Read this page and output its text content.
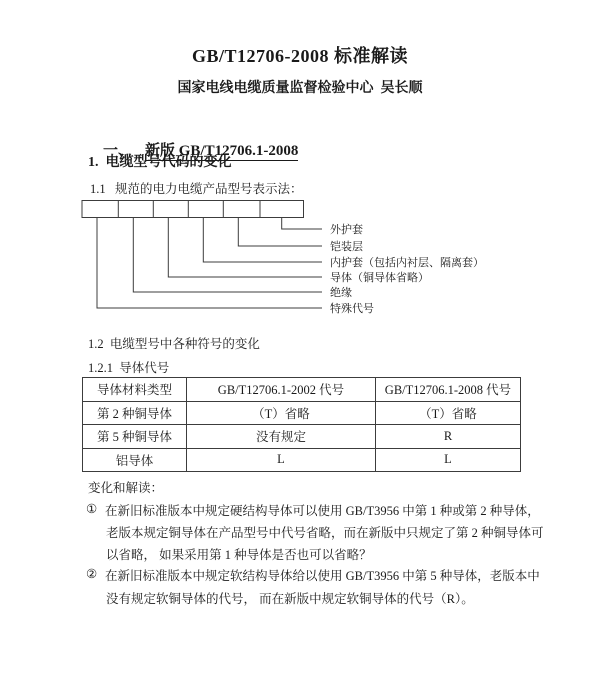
GB/T12706-2008 标准解读
国家电线电缆质量监督检验中心  吴长顺

一、 新版 GB/T12706.1-2008

1.  电缆型号代码的变化
1.1   规范的电力电缆产品型号表示法：
外护套
铠装层
内护套（包括内衬层、隔离套）
导体（铜导体省略）
绝缘
特殊代号
1.2  电缆型号中各种符号的变化
1.2.1  导体代号
导体材料类型	GB/T12706.1-2002 代号	GB/T12706.1-2008 代号
第 2 种铜导体	（T）省略	（T）省略
第 5 种铜导体	没有规定	R
铝导体	L	L
变化和解读：
① 在新旧标准版本中规定硬结构导体可以使用 GB/T3956 中第 1 种或第 2 种导体，
老版本规定铜导体在产品型号中代号省略，而在新版中只规定了第 2 种铜导体可
以省略， 如果采用第 1 种导体是否也可以省略？
② 在新旧标准版本中规定软结构导体给以使用 GB/T3956 中第 5 种导体，老版本中
没有规定软铜导体的代号， 而在新版中规定软铜导体的代号（R）。
